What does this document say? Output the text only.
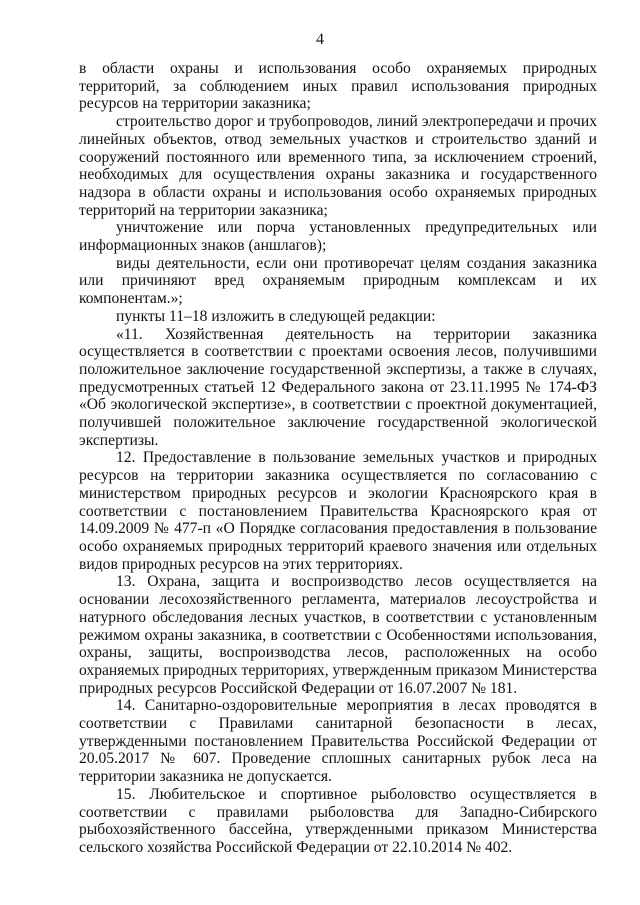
4

в области охраны и использования особо охраняемых природных территорий, за соблюдением иных правил использования природных ресурсов на территории заказника;

строительство дорог и трубопроводов, линий электропередачи и прочих линейных объектов, отвод земельных участков и строительство зданий и сооружений постоянного или временного типа, за исключением строений, необходимых для осуществления охраны заказника и государственного надзора в области охраны и использования особо охраняемых природных территорий на территории заказника;

уничтожение или порча установленных предупредительных или информационных знаков (аншлагов);

виды деятельности, если они противоречат целям создания заказника или причиняют вред охраняемым природным комплексам и их компонентам.»;

пункты 11–18 изложить в следующей редакции:

«11. Хозяйственная деятельность на территории заказника осуществляется в соответствии с проектами освоения лесов, получившими положительное заключение государственной экспертизы, а также в случаях, предусмотренных статьей 12 Федерального закона от 23.11.1995 № 174-ФЗ «Об экологической экспертизе», в соответствии с проектной документацией, получившей положительное заключение государственной экологической экспертизы.

12. Предоставление в пользование земельных участков и природных ресурсов на территории заказника осуществляется по согласованию с министерством природных ресурсов и экологии Красноярского края в соответствии с постановлением Правительства Красноярского края от 14.09.2009 № 477-п «О Порядке согласования предоставления в пользование особо охраняемых природных территорий краевого значения или отдельных видов природных ресурсов на этих территориях.

13. Охрана, защита и воспроизводство лесов осуществляется на основании лесохозяйственного регламента, материалов лесоустройства и натурного обследования лесных участков, в соответствии с установленным режимом охраны заказника, в соответствии с Особенностями использования, охраны, защиты, воспроизводства лесов, расположенных на особо охраняемых природных территориях, утвержденным приказом Министерства природных ресурсов Российской Федерации от 16.07.2007 № 181.

14. Санитарно-оздоровительные мероприятия в лесах проводятся в соответствии с Правилами санитарной безопасности в лесах, утвержденными постановлением Правительства Российской Федерации от 20.05.2017 № 607. Проведение сплошных санитарных рубок леса на территории заказника не допускается.

15. Любительское и спортивное рыболовство осуществляется в соответствии с правилами рыболовства для Западно-Сибирского рыбохозяйственного бассейна, утвержденными приказом Министерства сельского хозяйства Российской Федерации от 22.10.2014 № 402.
